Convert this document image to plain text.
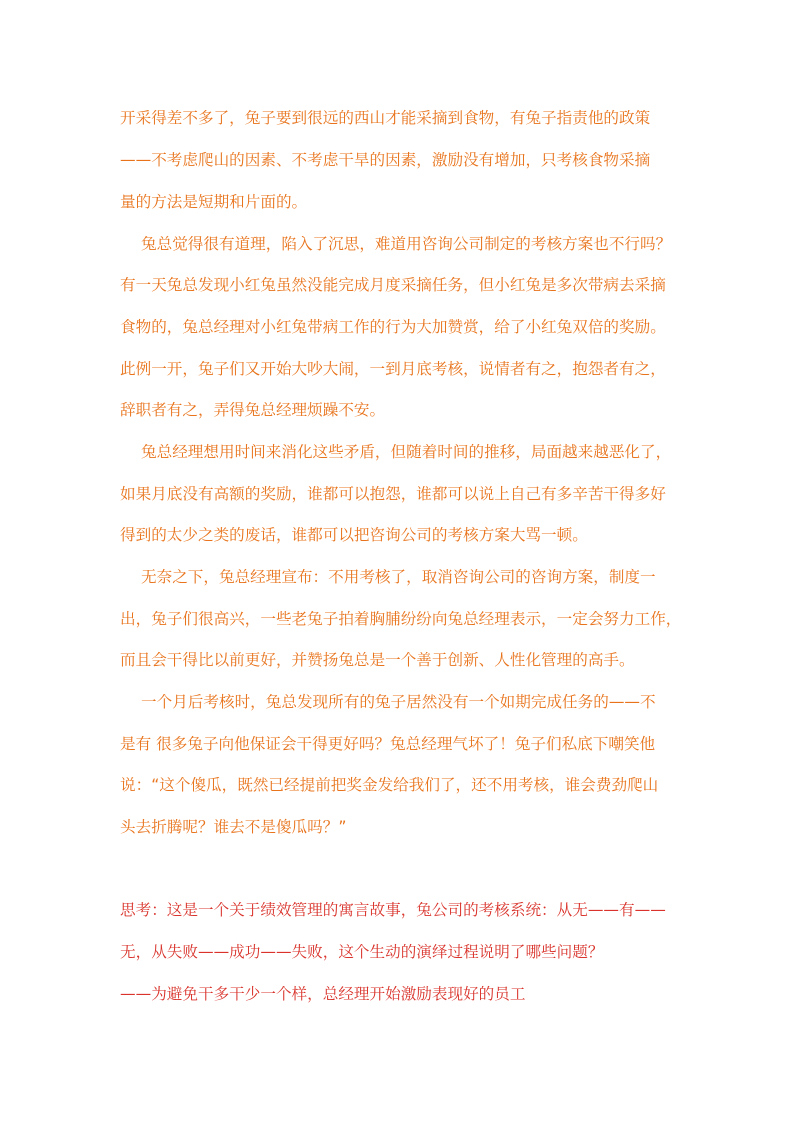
开采得差不多了，兔子要到很远的西山才能采摘到食物，有兔子指责他的政策
——不考虑爬山的因素、不考虑干旱的因素，激励没有增加，只考核食物采摘
量的方法是短期和片面的。
兔总觉得很有道理，陷入了沉思，难道用咨询公司制定的考核方案也不行吗？
有一天兔总发现小红兔虽然没能完成月度采摘任务，但小红兔是多次带病去采摘
食物的，兔总经理对小红兔带病工作的行为大加赞赏，给了小红兔双倍的奖励。
此例一开，兔子们又开始大吵大闹，一到月底考核，说情者有之，抱怨者有之，
辞职者有之，弄得兔总经理烦躁不安。
兔总经理想用时间来消化这些矛盾，但随着时间的推移，局面越来越恶化了，
如果月底没有高额的奖励，谁都可以抱怨，谁都可以说上自己有多辛苦干得多好
得到的太少之类的废话，谁都可以把咨询公司的考核方案大骂一顿。
无奈之下，兔总经理宣布：不用考核了，取消咨询公司的咨询方案，制度一
出，兔子们很高兴，一些老兔子拍着胸脯纷纷向兔总经理表示，一定会努力工作，
而且会干得比以前更好，并赞扬兔总是一个善于创新、人性化管理的高手。
一个月后考核时，兔总发现所有的兔子居然没有一个如期完成任务的——不
是有 很多兔子向他保证会干得更好吗？兔总经理气坏了！兔子们私底下嘲笑他
说：“这个傻瓜，既然已经提前把奖金发给我们了，还不用考核，谁会费劲爬山
头去折腾呢？谁去不是傻瓜吗？”
思考：这是一个关于绩效管理的寓言故事，兔公司的考核系统：从无——有——
无，从失败——成功——失败，这个生动的演绎过程说明了哪些问题？
——为避免干多干少一个样，总经理开始激励表现好的员工
